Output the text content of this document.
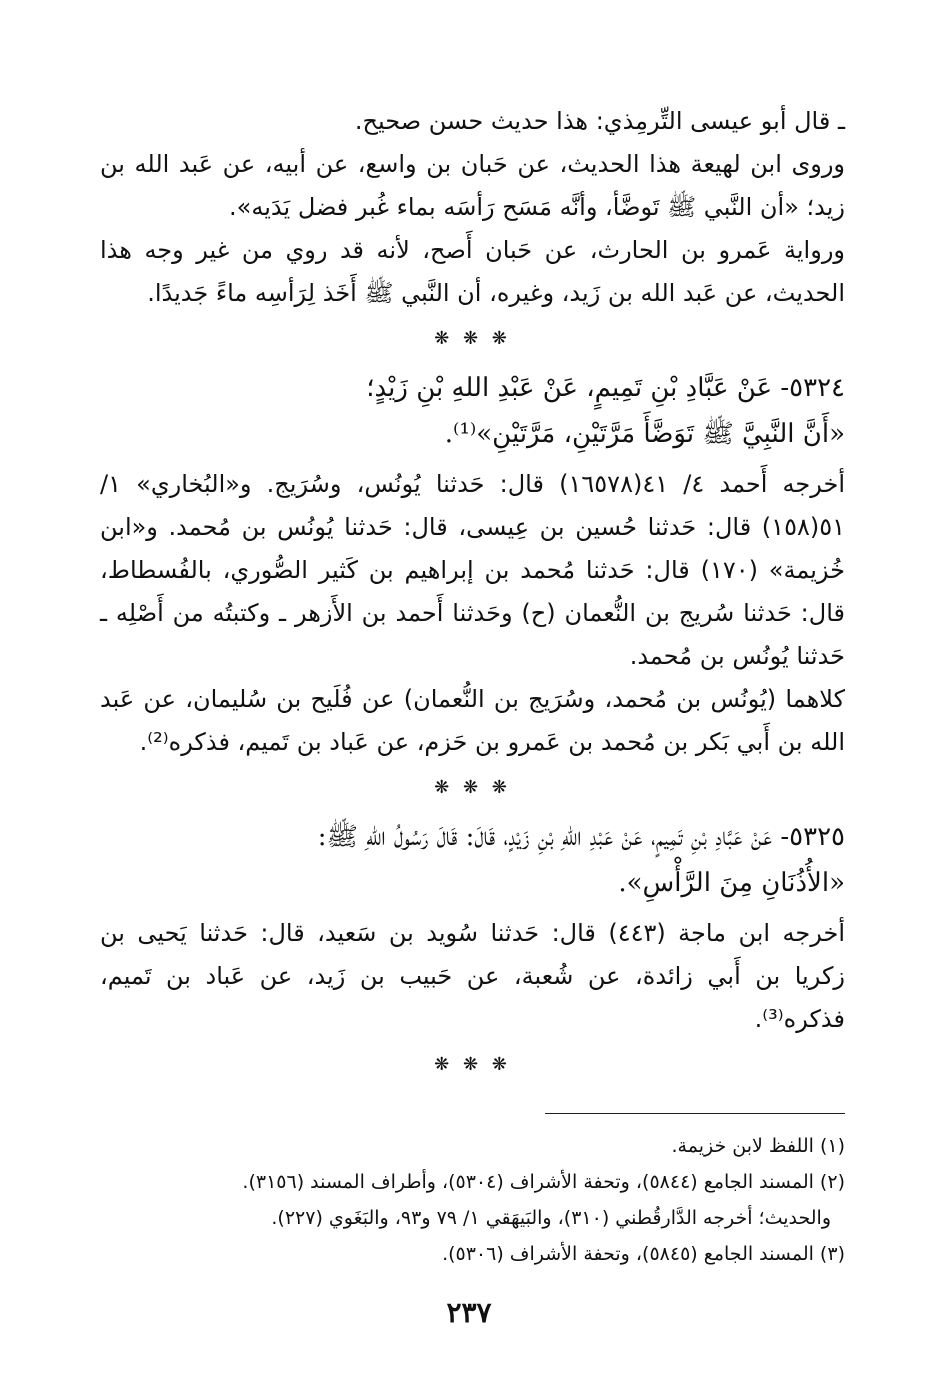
ـ قال أبو عيسى التِّرمِذي: هذا حديث حسن صحيح.

وروى ابن لهيعة هذا الحديث، عن حَبان بن واسع، عن أبيه، عن عَبد الله بن زيد؛ «أن النَّبي ﷺ تَوضَّأ، وأنَّه مَسَح رَأسَه بماء غُبر فضل يَدَيه».

ورواية عَمرو بن الحارث، عن حَبان أَصح، لأنه قد روي من غير وجه هذا الحديث، عن عَبد الله بن زَيد، وغيره، أن النَّبي ﷺ أَخَذ لِرَأسِه ماءً جَديدًا.

❋ ❋ ❋

٥٣٢٤- عَنْ عَبَّادِ بْنِ تَمِيمٍ، عَنْ عَبْدِ اللهِ بْنِ زَيْدٍ؛

«أَنَّ النَّبِيَّ ﷺ تَوَضَّأَ مَرَّتَيْنِ، مَرَّتَيْنِ»⁽¹⁾.

أخرجه أَحمد ٤/ ٤١(١٦٥٧٨) قال: حَدثنا يُونُس، وسُرَيج. و«البُخاري» ١/ ٥١(١٥٨) قال: حَدثنا حُسين بن عِيسى، قال: حَدثنا يُونُس بن مُحمد. و«ابن خُزيمة» (١٧٠) قال: حَدثنا مُحمد بن إبراهيم بن كَثير الصُّوري، بالفُسطاط، قال: حَدثنا سُريج بن النُّعمان (ح) وحَدثنا أَحمد بن الأَزهر ـ وكتبتُه من أَصْلِه ـ حَدثنا يُونُس بن مُحمد.

كلاهما (يُونُس بن مُحمد، وسُرَيج بن النُّعمان) عن فُلَيح بن سُليمان، عن عَبد الله بن أَبي بَكر بن مُحمد بن عَمرو بن حَزم، عن عَباد بن تَميم، فذكره⁽²⁾.

❋ ❋ ❋

٥٣٢٥- عَنْ عَبَّادِ بْنِ تَمِيمٍ، عَنْ عَبْدِ اللهِ بْنِ زَيْدٍ، قَالَ: قَالَ رَسُولُ اللهِ ﷺ:

«الأُذُنَانِ مِنَ الرَّأْسِ».

أخرجه ابن ماجة (٤٤٣) قال: حَدثنا سُويد بن سَعيد، قال: حَدثنا يَحيى بن زكريا بن أَبي زائدة، عن شُعبة، عن حَبيب بن زَيد، عن عَباد بن تَميم، فذكره⁽³⁾.

❋ ❋ ❋

(١) اللفظ لابن خزيمة.

(٢) المسند الجامع (٥٨٤٤)، وتحفة الأشراف (٥٣٠٤)، وأطراف المسند (٣١٥٦).

والحديث؛ أخرجه الدَّارقُطني (٣١٠)، والبَيهَقي ١/ ٧٩ و٩٣، والبَغَوي (٢٢٧).

(٣) المسند الجامع (٥٨٤٥)، وتحفة الأشراف (٥٣٠٦).

٢٣٧
